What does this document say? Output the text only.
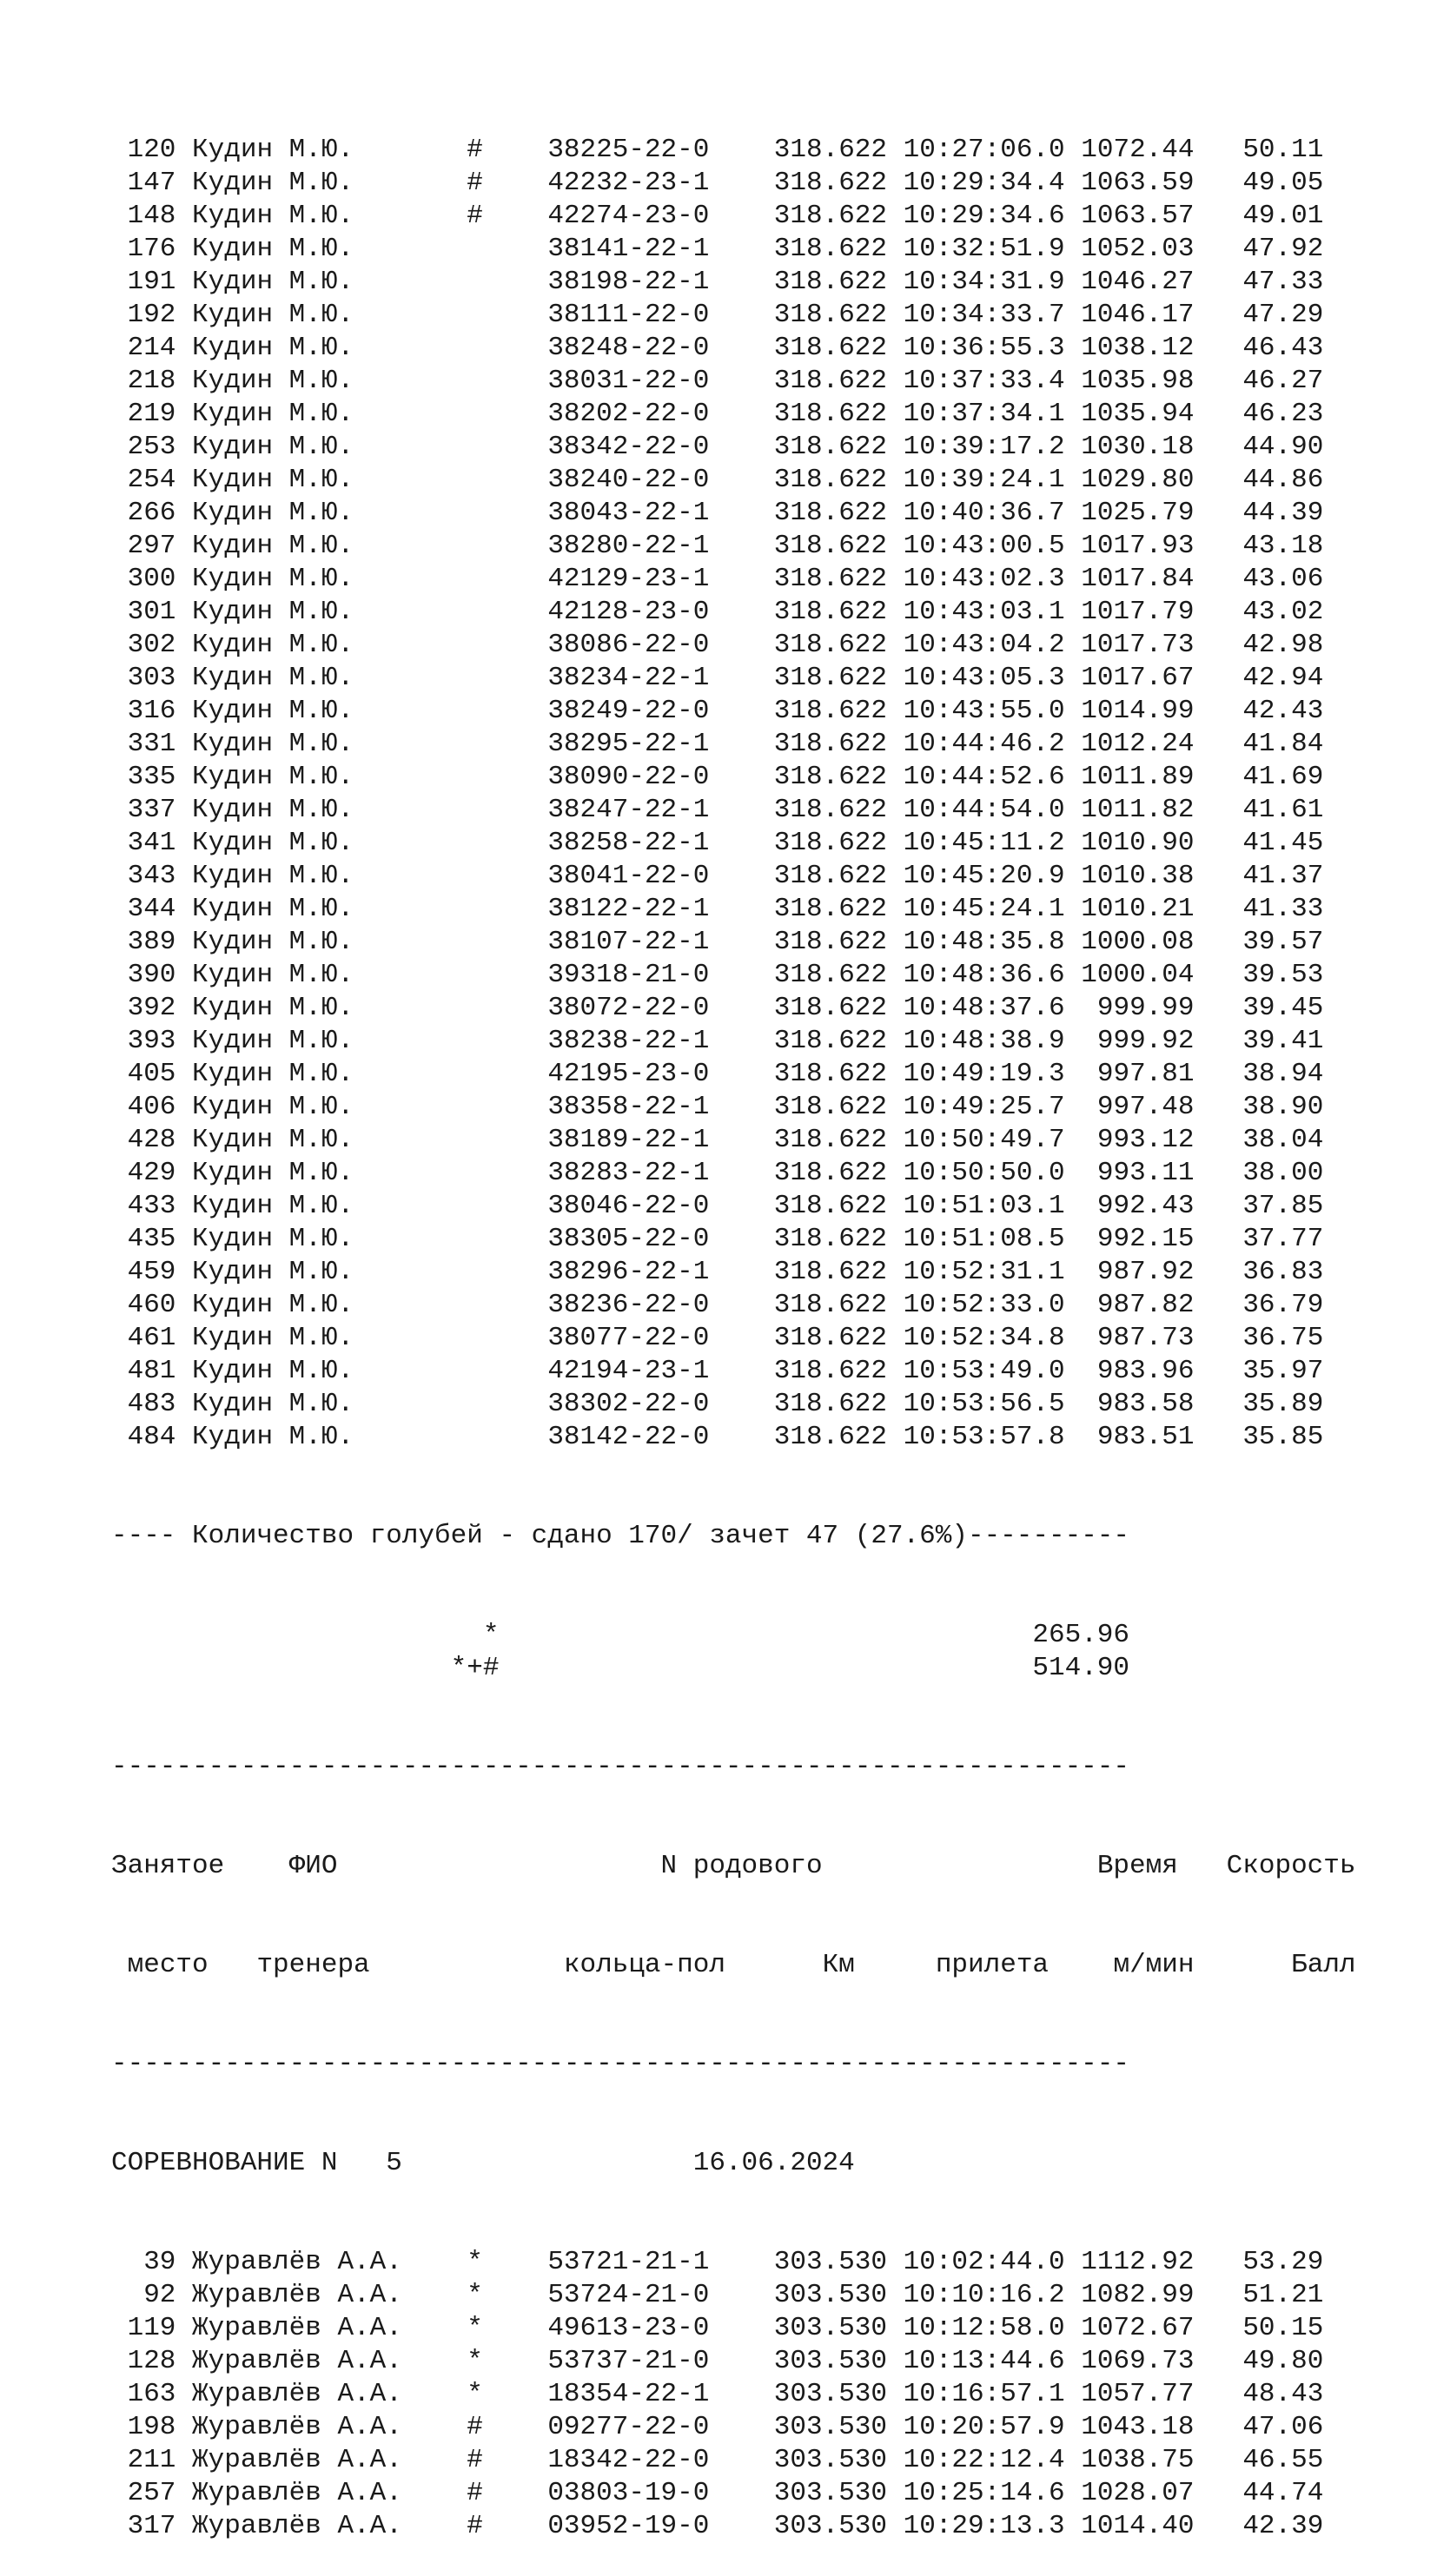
120 Кудин М.Ю.       # 38225-22-0 318.622 10:27:06.0 1072.44 50.11
147 Кудин М.Ю.       # 42232-23-1 318.622 10:29:34.4 1063.59 49.05
148 Кудин М.Ю.       # 42274-23-0 318.622 10:29:34.6 1063.57 49.01
176 Кудин М.Ю.	38141-22-1 318.622 10:32:51.9 1052.03 47.92
191 Кудин М.Ю.	38198-22-1 318.622 10:34:31.9 1046.27 47.33
192 Кудин М.Ю.	38111-22-0 318.622 10:34:33.7 1046.17 47.29
214 Кудин М.Ю.	38248-22-0 318.622 10:36:55.3 1038.12 46.43
218 Кудин М.Ю.	38031-22-0 318.622 10:37:33.4 1035.98 46.27
219 Кудин М.Ю.	38202-22-0 318.622 10:37:34.1 1035.94 46.23
253 Кудин М.Ю.	38342-22-0 318.622 10:39:17.2 1030.18 44.90
254 Кудин М.Ю.	38240-22-0 318.622 10:39:24.1 1029.80 44.86
266 Кудин М.Ю.	38043-22-1 318.622 10:40:36.7 1025.79 44.39
297 Кудин М.Ю.	38280-22-1 318.622 10:43:00.5 1017.93 43.18
300 Кудин М.Ю.	42129-23-1 318.622 10:43:02.3 1017.84 43.06
301 Кудин М.Ю.	42128-23-0 318.622 10:43:03.1 1017.79 43.02
302 Кудин М.Ю.	38086-22-0 318.622 10:43:04.2 1017.73 42.98
303 Кудин М.Ю.	38234-22-1 318.622 10:43:05.3 1017.67 42.94
316 Кудин М.Ю.	38249-22-0 318.622 10:43:55.0 1014.99 42.43
331 Кудин М.Ю.	38295-22-1 318.622 10:44:46.2 1012.24 41.84
335 Кудин М.Ю.	38090-22-0 318.622 10:44:52.6 1011.89 41.69
337 Кудин М.Ю.	38247-22-1 318.622 10:44:54.0 1011.82 41.61
341 Кудин М.Ю.	38258-22-1 318.622 10:45:11.2 1010.90 41.45
343 Кудин М.Ю.	38041-22-0 318.622 10:45:20.9 1010.38 41.37
344 Кудин М.Ю.	38122-22-1 318.622 10:45:24.1 1010.21 41.33
389 Кудин М.Ю.	38107-22-1 318.622 10:48:35.8 1000.08 39.57
390 Кудин М.Ю.	39318-21-0 318.622 10:48:36.6 1000.04 39.53
392 Кудин М.Ю.	38072-22-0 318.622 10:48:37.6  999.99 39.45
393 Кудин М.Ю.	38238-22-1 318.622 10:48:38.9  999.92 39.41
405 Кудин М.Ю.	42195-23-0 318.622 10:49:19.3  997.81 38.94
406 Кудин М.Ю.	38358-22-1 318.622 10:49:25.7  997.48 38.90
428 Кудин М.Ю.	38189-22-1 318.622 10:50:49.7  993.12 38.04
429 Кудин М.Ю.	38283-22-1 318.622 10:50:50.0  993.11 38.00
433 Кудин М.Ю.	38046-22-0 318.622 10:51:03.1  992.43 37.85
435 Кудин М.Ю.	38305-22-0 318.622 10:51:08.5  992.15 37.77
459 Кудин М.Ю.	38296-22-1 318.622 10:52:31.1  987.92 36.83
460 Кудин М.Ю.	38236-22-0 318.622 10:52:33.0  987.82 36.79
461 Кудин М.Ю.	38077-22-0 318.622 10:52:34.8  987.73 36.75
481 Кудин М.Ю.	42194-23-1 318.622 10:53:49.0  983.96 35.97
483 Кудин М.Ю.	38302-22-0 318.622 10:53:56.5  983.58 35.89
484 Кудин М.Ю.	38142-22-0 318.622 10:53:57.8  983.51 35.85

---- Количество голубей - сдано 170/ зачет 47 (27.6%)----------

*	265.96
*+#	514.90

---------------------------------------------------------------

Занятое ФИО	N родового	Время Скорость

место тренера	кольца-пол	Км	прилета м/мин	Балл

---------------------------------------------------------------

СОРЕВНОВАНИЕ N 5	16.06.2024

39 Журавлёв А.А. * 53721-21-1 303.530 10:02:44.0 1112.92 53.29
92 Журавлёв А.А. * 53724-21-0 303.530 10:10:16.2 1082.99 51.21
119 Журавлёв А.А. * 49613-23-0 303.530 10:12:58.0 1072.67 50.15
128 Журавлёв А.А. * 53737-21-0 303.530 10:13:44.6 1069.73 49.80
163 Журавлёв А.А. * 18354-22-1 303.530 10:16:57.1 1057.77 48.43
198 Журавлёв А.А. # 09277-22-0 303.530 10:20:57.9 1043.18 47.06
211 Журавлёв А.А. # 18342-22-0 303.530 10:22:12.4 1038.75 46.55
257 Журавлёв А.А. # 03803-19-0 303.530 10:25:14.6 1028.07 44.74
317 Журавлёв А.А. # 03952-19-0 303.530 10:29:13.3 1014.40 42.39
